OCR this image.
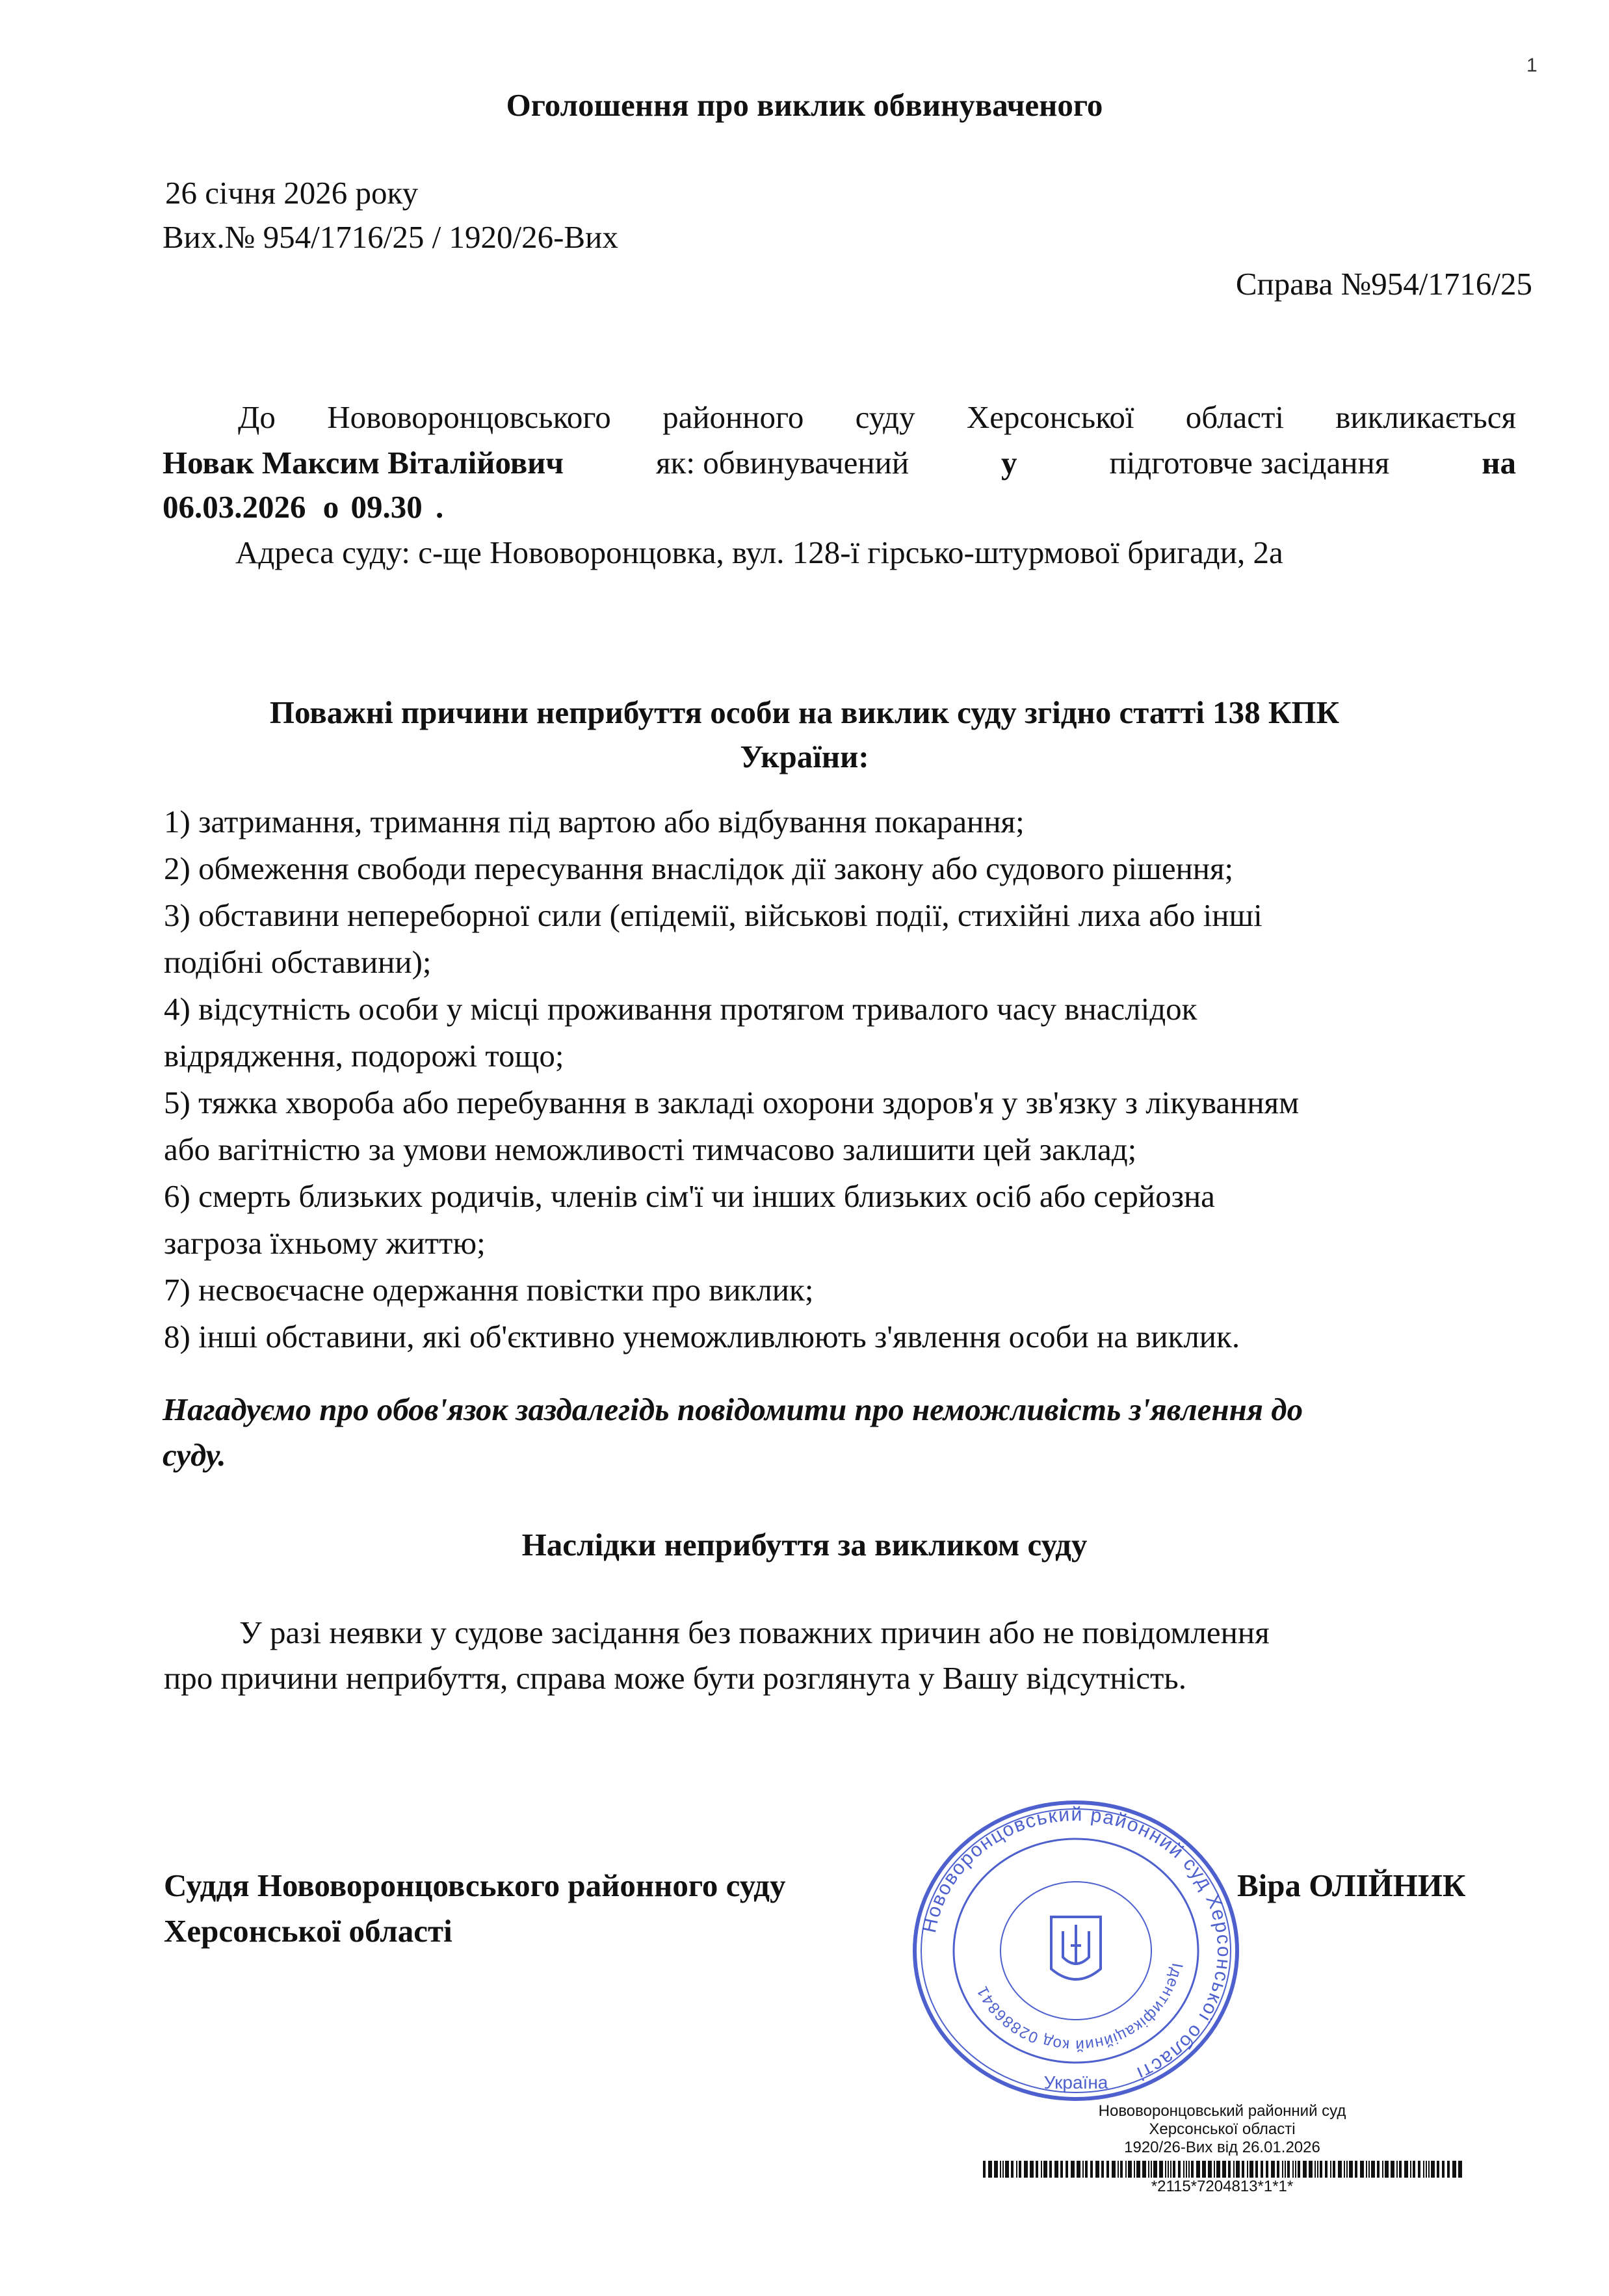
1
Оголошення про виклик обвинуваченого
26 січня 2026 року
Вих.№ 954/1716/25 / 1920/26-Вих
Справа №954/1716/25
До Нововоронцовського районного суду Херсонської області викликається
Новак Максим Віталійович	як: обвинувачений	у	підготовче засідання	на
06.03.2026 о 09.30 .
Адреса суду: с-ще Нововоронцовка, вул. 128-ї гірсько-штурмової бригади, 2а
Поважні причини неприбуття особи на виклик суду згідно статті 138 КПК
України:
1) затримання, тримання під вартою або відбування покарання;
2) обмеження свободи пересування внаслідок дії закону або судового рішення;
3) обставини непереборної сили (епідемії, військові події, стихійні лиха або інші
подібні обставини);
4) відсутність особи у місці проживання протягом тривалого часу внаслідок
відрядження, подорожі тощо;
5) тяжка хвороба або перебування в закладі охорони здоров'я у зв'язку з лікуванням
або вагітністю за умови неможливості тимчасово залишити цей заклад;
6) смерть близьких родичів, членів сім'ї чи інших близьких осіб або серйозна
загроза їхньому життю;
7) несвоєчасне одержання повістки про виклик;
8) інші обставини, які об'єктивно унеможливлюють з'явлення особи на виклик.
Нагадуємо про обов'язок заздалегідь повідомити про неможливість з'явлення до
суду.
Наслідки неприбуття за викликом суду
У разі неявки у судове засідання без поважних причин або не повідомлення
про причини неприбуття, справа може бути розглянута у Вашу відсутність.
Суддя Нововоронцовського районного суду
Херсонської області
Віра ОЛІЙНИК
Нововоронцовський районний суд Херсонської області
Ідентифікаційний код 02886841
Україна
Нововоронцовський районний суд
Херсонської області
1920/26-Вих від 26.01.2026
*2115*7204813*1*1*
